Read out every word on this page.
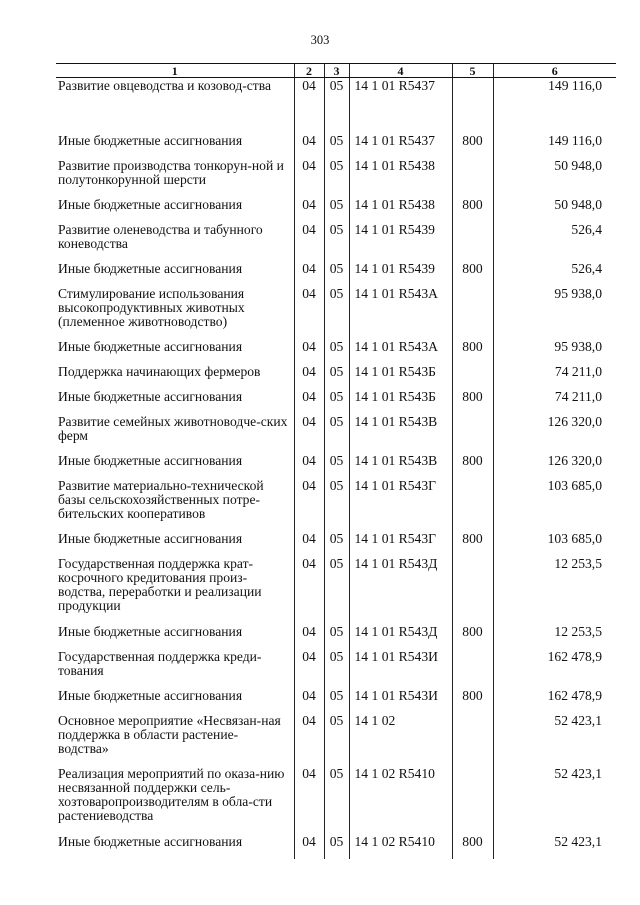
303
1	2	3	4	5	6
Развитие овцеводства и козовод-ства	04	05	14 1 01 R5437		149 116,0
Иные бюджетные ассигнования	04	05	14 1 01 R5437	800	149 116,0
Развитие производства тонкорун-ной и полутонкорунной шерсти	04	05	14 1 01 R5438		50 948,0
Иные бюджетные ассигнования	04	05	14 1 01 R5438	800	50 948,0
Развитие оленеводства и табунного коневодства	04	05	14 1 01 R5439		526,4
Иные бюджетные ассигнования	04	05	14 1 01 R5439	800	526,4
Стимулирование использования высокопродуктивных животных (племенное животноводство)	04	05	14 1 01 R543А		95 938,0
Иные бюджетные ассигнования	04	05	14 1 01 R543А	800	95 938,0
Поддержка начинающих фермеров	04	05	14 1 01 R543Б		74 211,0
Иные бюджетные ассигнования	04	05	14 1 01 R543Б	800	74 211,0
Развитие семейных животноводче-ских ферм	04	05	14 1 01 R543В		126 320,0
Иные бюджетные ассигнования	04	05	14 1 01 R543В	800	126 320,0
Развитие материально-технической базы сельскохозяйственных потре-бительских кооперативов	04	05	14 1 01 R543Г		103 685,0
Иные бюджетные ассигнования	04	05	14 1 01 R543Г	800	103 685,0
Государственная поддержка крат-косрочного кредитования произ-водства, переработки и реализации продукции	04	05	14 1 01 R543Д		12 253,5
Иные бюджетные ассигнования	04	05	14 1 01 R543Д	800	12 253,5
Государственная поддержка креди-тования	04	05	14 1 01 R543И		162 478,9
Иные бюджетные ассигнования	04	05	14 1 01 R543И	800	162 478,9
Основное мероприятие «Несвязан-ная поддержка в области растение-водства»	04	05	14 1 02		52 423,1
Реализация мероприятий по оказа-нию несвязанной поддержки сель-хозтоваропроизводителям в обла-сти растениеводства	04	05	14 1 02 R5410		52 423,1
Иные бюджетные ассигнования	04	05	14 1 02 R5410	800	52 423,1
